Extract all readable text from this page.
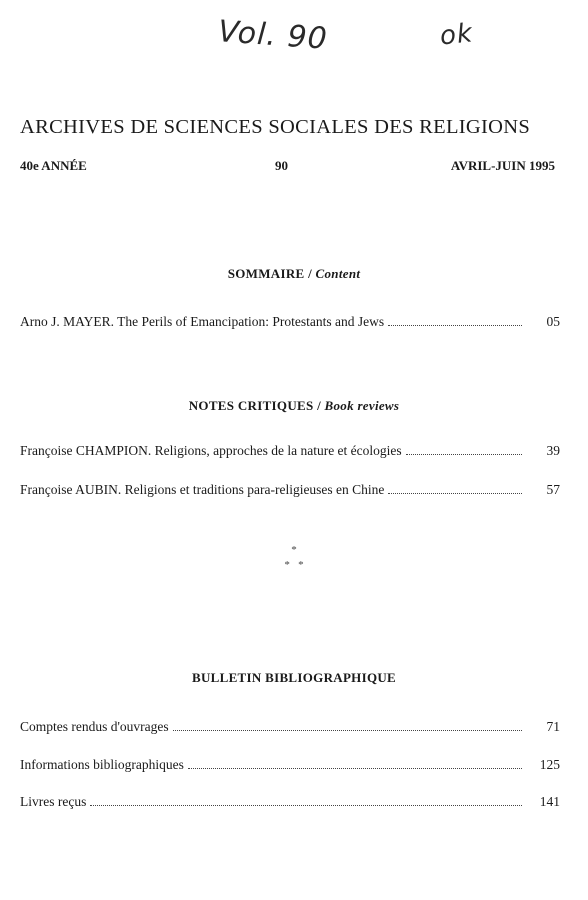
Vol. 90	ok
ARCHIVES DE SCIENCES SOCIALES DES RELIGIONS
40e ANNÉE	90	AVRIL-JUIN 1995
SOMMAIRE / Content
Arno J. MAYER. The Perils of Emancipation: Protestants and Jews	05
NOTES CRITIQUES / Book reviews
Françoise CHAMPION. Religions, approches de la nature et écologies	39
Françoise AUBIN. Religions et traditions para-religieuses en Chine	57
*
*   *
BULLETIN BIBLIOGRAPHIQUE
Comptes rendus d'ouvrages	71
Informations bibliographiques	125
Livres reçus	141
